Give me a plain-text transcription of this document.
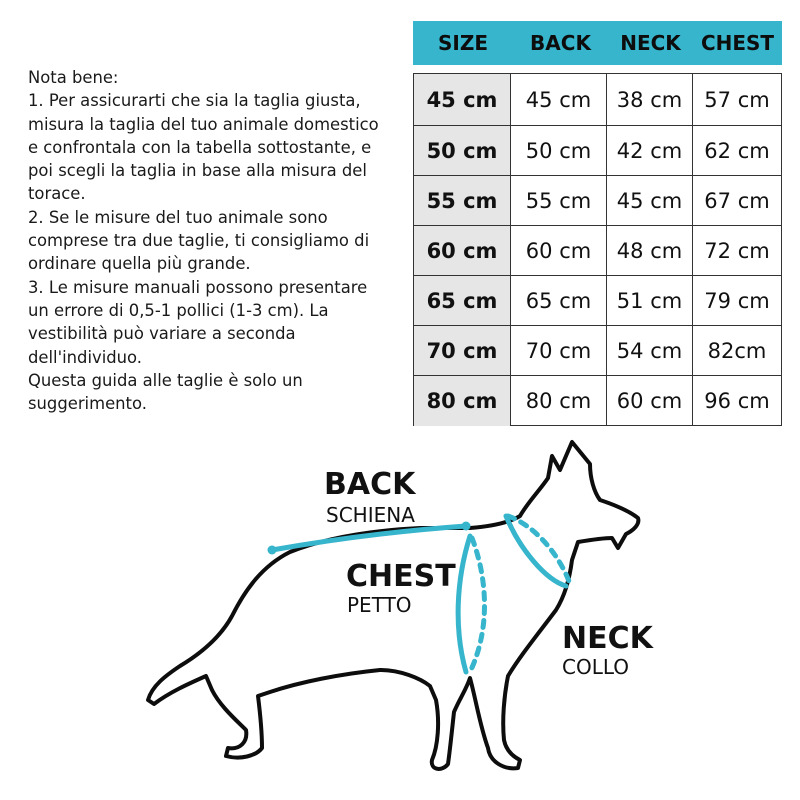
Nota bene:
1. Per assicurarti che sia la taglia giusta,
misura la taglia del tuo animale domestico
e confrontala con la tabella sottostante, e
poi scegli la taglia in base alla misura del
torace.
2. Se le misure del tuo animale sono
comprese tra due taglie, ti consigliamo di
ordinare quella più grande.
3. Le misure manuali possono presentare
un errore di 0,5-1 pollici (1-3 cm). La
vestibilità può variare a seconda
dell'individuo.
Questa guida alle taglie è solo un
suggerimento.
SIZE	BACK	NECK	CHEST
45 cm	45 cm	38 cm	57 cm
50 cm	50 cm	42 cm	62 cm
55 cm	55 cm	45 cm	67 cm
60 cm	60 cm	48 cm	72 cm
65 cm	65 cm	51 cm	79 cm
70 cm	70 cm	54 cm	82cm
80 cm	80 cm	60 cm	96 cm
BACK
SCHIENA
CHEST
PETTO
NECK
COLLO
